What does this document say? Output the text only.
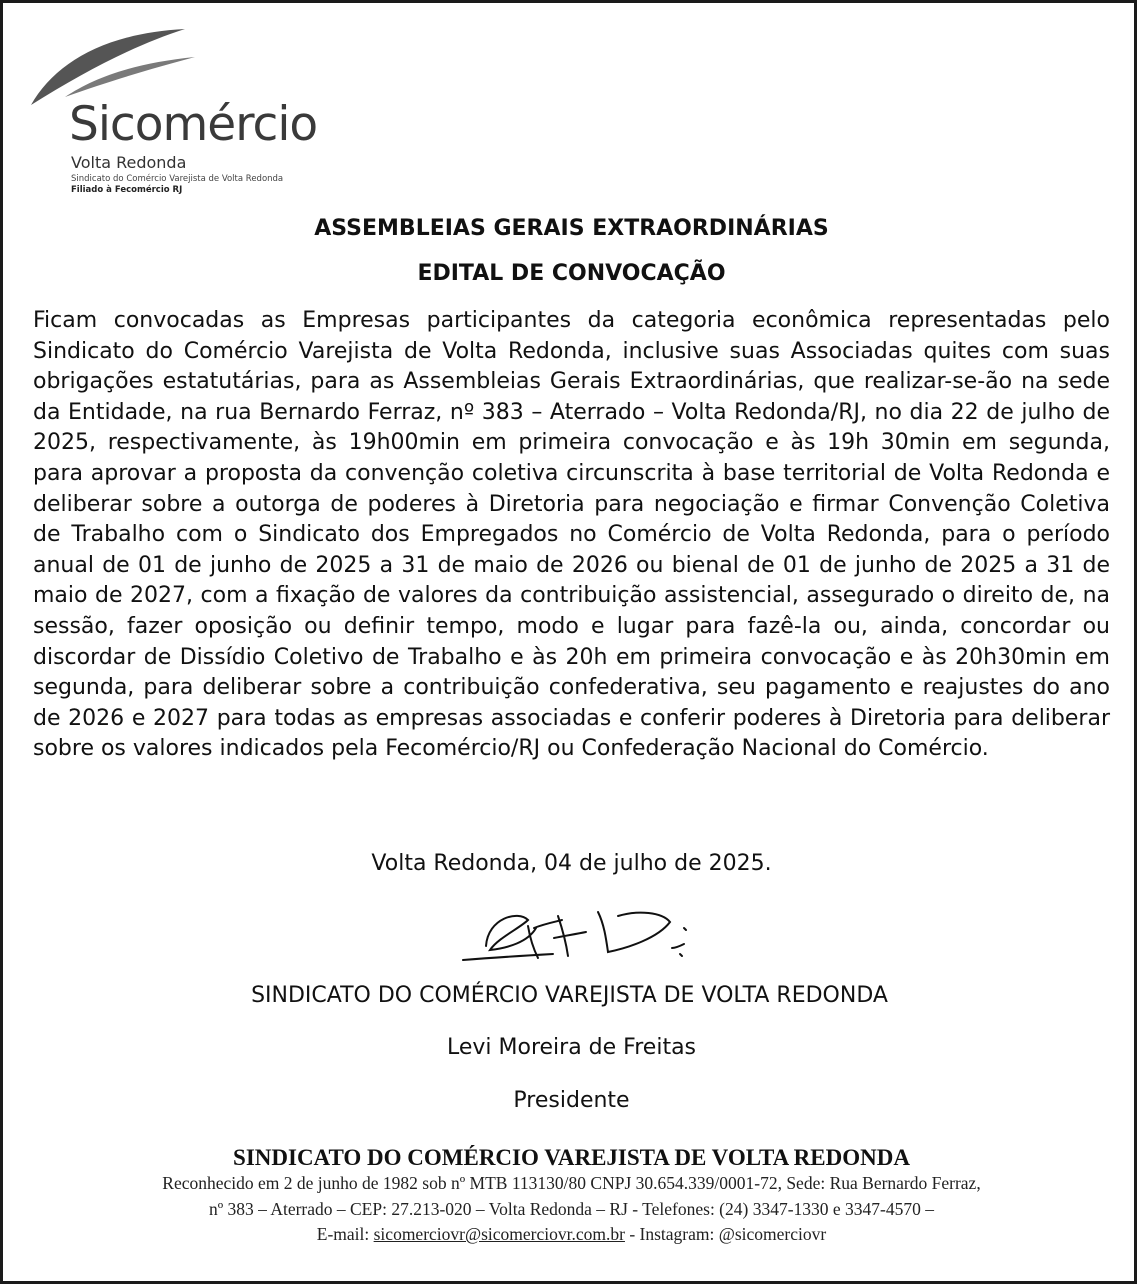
Sicomércio
Volta Redonda
Sindicato do Comércio Varejista de Volta Redonda
Filiado à Fecomércio RJ
ASSEMBLEIAS GERAIS EXTRAORDINÁRIAS
EDITAL DE CONVOCAÇÃO

Ficam convocadas as Empresas participantes da categoria econômica representadas pelo Sindicato do Comércio Varejista de Volta Redonda, inclusive suas Associadas quites com suas obrigações estatutárias, para as Assembleias Gerais Extraordinárias, que realizar-se-ão na sede da Entidade, na rua Bernardo Ferraz, nº 383 – Aterrado – Volta Redonda/RJ, no dia 22 de julho de 2025, respectivamente, às 19h00min em primeira convocação e às 19h 30min em segunda, para aprovar a proposta da convenção coletiva circunscrita à base territorial de Volta Redonda e deliberar sobre a outorga de poderes à Diretoria para negociação e firmar Convenção Coletiva de Trabalho com o Sindicato dos Empregados no Comércio de Volta Redonda, para o período anual de 01 de junho de 2025 a 31 de maio de 2026 ou bienal de 01 de junho de 2025 a 31 de maio de 2027, com a fixação de valores da contribuição assistencial, assegurado o direito de, na sessão, fazer oposição ou definir tempo, modo e lugar para fazê-la ou, ainda, concordar ou discordar de Dissídio Coletivo de Trabalho e às 20h em primeira convocação e às 20h30min em segunda, para deliberar sobre a contribuição confederativa, seu pagamento e reajustes do ano de 2026 e 2027 para todas as empresas associadas e conferir poderes à Diretoria para deliberar sobre os valores indicados pela Fecomércio/RJ ou Confederação Nacional do Comércio.

Volta Redonda, 04 de julho de 2025.
SINDICATO DO COMÉRCIO VAREJISTA DE VOLTA REDONDA
Levi Moreira de Freitas
Presidente
SINDICATO DO COMÉRCIO VAREJISTA DE VOLTA REDONDA
Reconhecido em 2 de junho de 1982 sob nº MTB 113130/80 CNPJ 30.654.339/0001-72, Sede: Rua Bernardo Ferraz,
nº 383 – Aterrado – CEP: 27.213-020 – Volta Redonda – RJ - Telefones: (24) 3347-1330 e 3347-4570 –
E-mail: sicomerciovr@sicomerciovr.com.br - Instagram: @sicomerciovr
